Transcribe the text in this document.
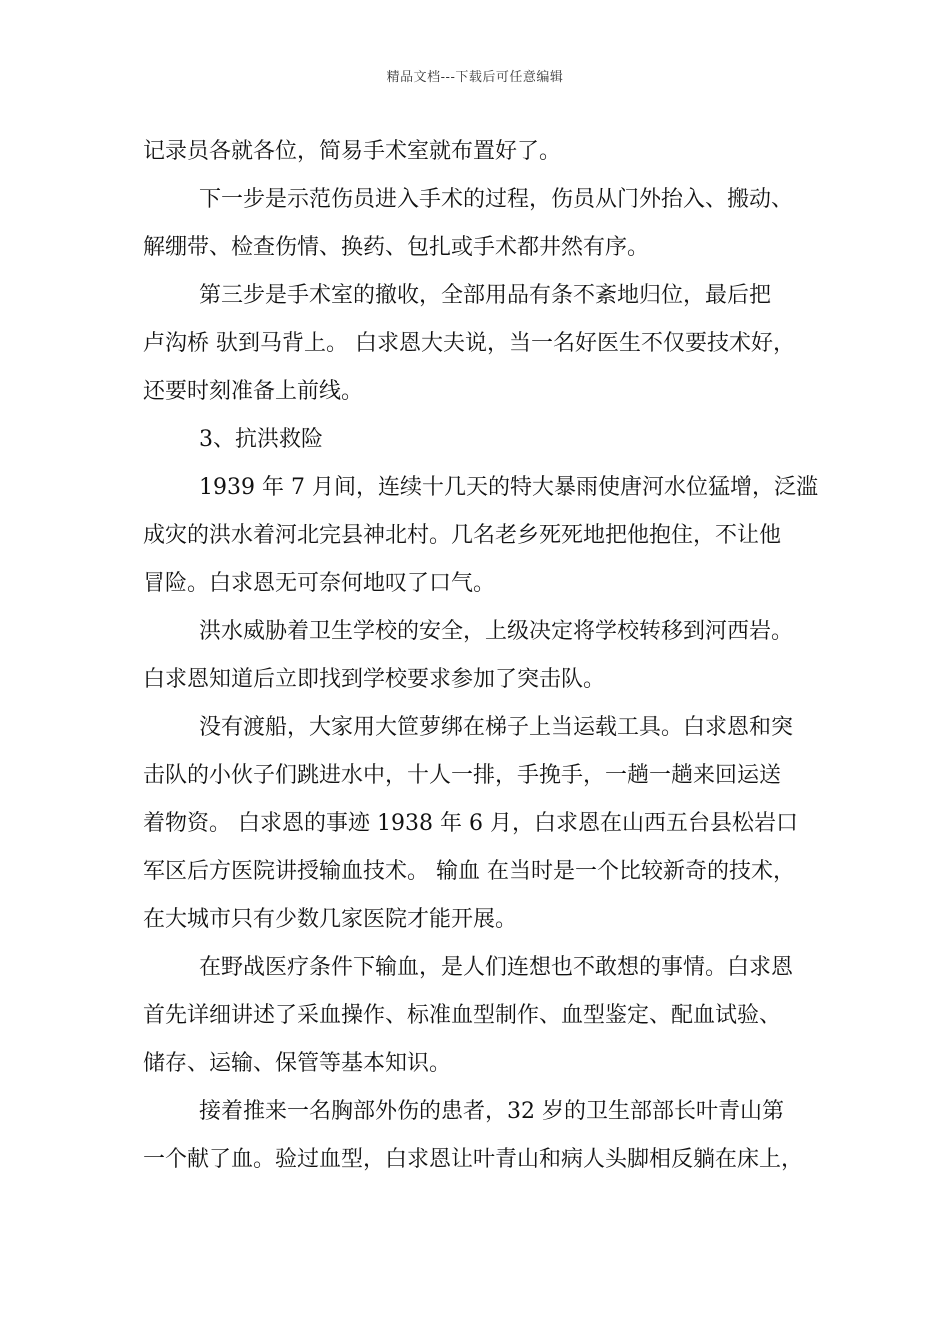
精品文档---下载后可任意编辑
记录员各就各位，简易手术室就布置好了。
下一步是示范伤员进入手术的过程，伤员从门外抬入、搬动、
解绷带、检查伤情、换药、包扎或手术都井然有序。
第三步是手术室的撤收，全部用品有条不紊地归位，最后把
卢沟桥 驮到马背上。 白求恩大夫说，当一名好医生不仅要技术好，
还要时刻准备上前线。
3、抗洪救险
1939 年 7 月间，连续十几天的特大暴雨使唐河水位猛增，泛滥
成灾的洪水着河北完县神北村。几名老乡死死地把他抱住，不让他
冒险。白求恩无可奈何地叹了口气。
洪水威胁着卫生学校的安全，上级决定将学校转移到河西岩。
白求恩知道后立即找到学校要求参加了突击队。
没有渡船，大家用大笸萝绑在梯子上当运载工具。白求恩和突
击队的小伙子们跳进水中，十人一排，手挽手，一趟一趟来回运送
着物资。 白求恩的事迹 1938 年 6 月，白求恩在山西五台县松岩口
军区后方医院讲授输血技术。 输血 在当时是一个比较新奇的技术，
在大城市只有少数几家医院才能开展。
在野战医疗条件下输血，是人们连想也不敢想的事情。白求恩
首先详细讲述了采血操作、标准血型制作、血型鉴定、配血试验、
储存、运输、保管等基本知识。
接着推来一名胸部外伤的患者，32 岁的卫生部部长叶青山第
一个献了血。验过血型，白求恩让叶青山和病人头脚相反躺在床上，
